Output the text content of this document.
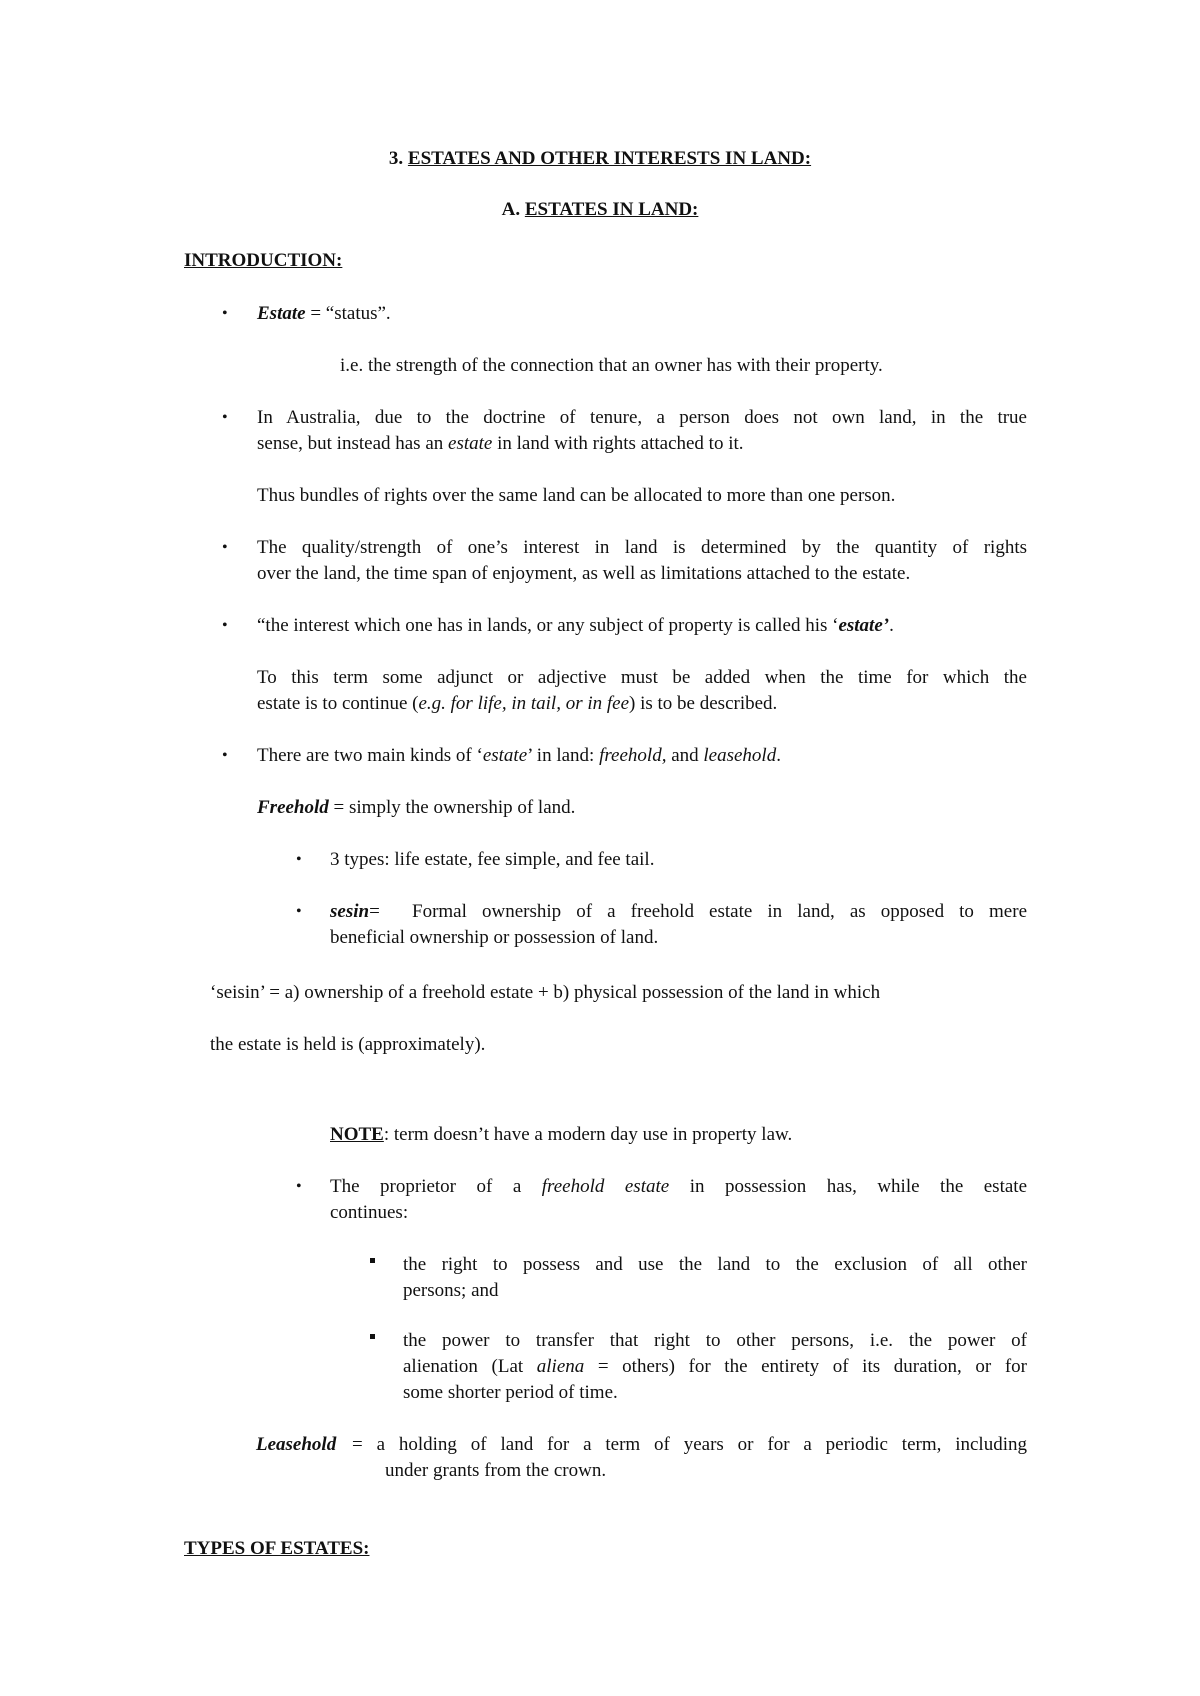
3. ESTATES AND OTHER INTERESTS IN LAND:
A. ESTATES IN LAND:
INTRODUCTION:
• Estate = “status”.
i.e. the strength of the connection that an owner has with their property.
• In Australia, due to the doctrine of tenure, a person does not own land, in the true
sense, but instead has an estate in land with rights attached to it.
Thus bundles of rights over the same land can be allocated to more than one person.
• The quality/strength of one’s interest in land is determined by the quantity of rights
over the land, the time span of enjoyment, as well as limitations attached to the estate.
• “the interest which one has in lands, or any subject of property is called his ‘estate’.
To this term some adjunct or adjective must be added when the time for which the
estate is to continue (e.g. for life, in tail, or in fee) is to be described.
• There are two main kinds of ‘estate’ in land: freehold, and leasehold.
Freehold = simply the ownership of land.
• 3 types: life estate, fee simple, and fee tail.
• sesin= Formal ownership of a freehold estate in land, as opposed to mere
beneficial ownership or possession of land.
‘seisin’ = a) ownership of a freehold estate + b) physical possession of the land in which
the estate is held is (approximately).
NOTE: term doesn’t have a modern day use in property law.
• The proprietor of a freehold estate in possession has, while the estate
continues:
the right to possess and use the land to the exclusion of all other
persons; and
the power to transfer that right to other persons, i.e. the power of
alienation (Lat aliena = others) for the entirety of its duration, or for
some shorter period of time.
Leasehold = a holding of land for a term of years or for a periodic term, including
under grants from the crown.
TYPES OF ESTATES:
